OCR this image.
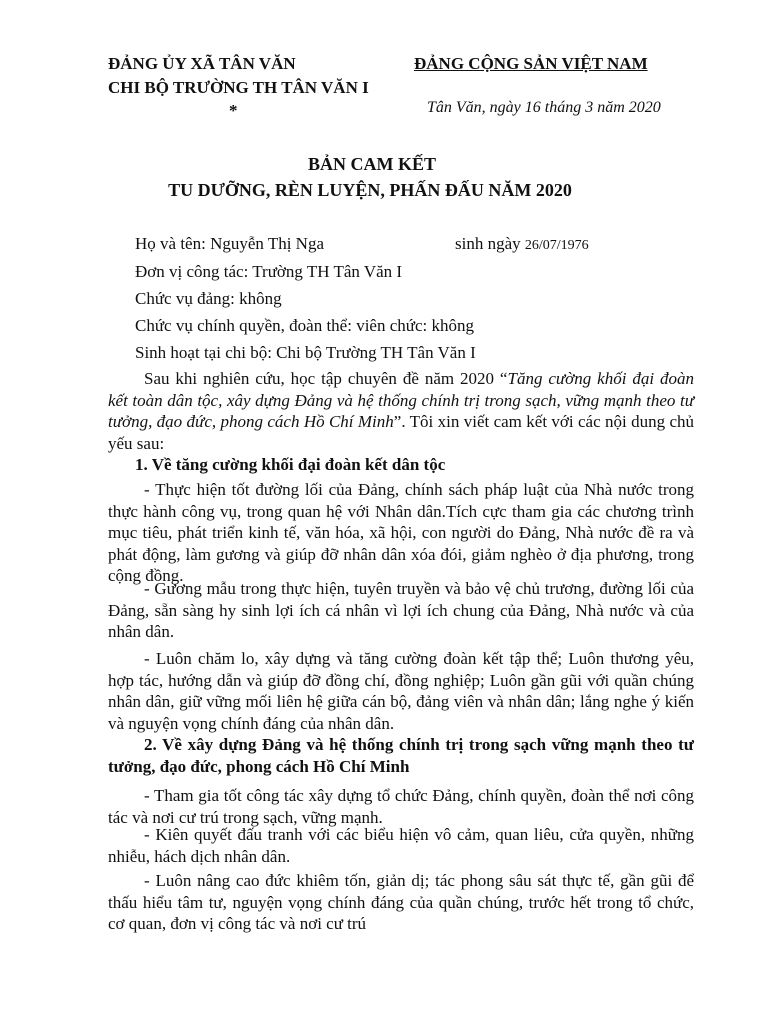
ĐẢNG ỦY XÃ TÂN VĂN
CHI BỘ TRƯỜNG TH TÂN VĂN I
*
ĐẢNG CỘNG SẢN VIỆT NAM
Tân Văn, ngày 16 tháng 3 năm 2020
BẢN CAM KẾT
TU DƯỠNG, RÈN LUYỆN, PHẤN ĐẤU NĂM 2020
Họ và tên: Nguyễn Thị Nga	sinh ngày 26/07/1976
Đơn vị công tác: Trường TH Tân Văn I
Chức vụ đảng: không
Chức vụ chính quyền, đoàn thể: viên chức: không
Sinh hoạt tại chi bộ: Chi bộ Trường TH Tân Văn I
Sau khi nghiên cứu, học tập chuyên đề năm 2020 “Tăng cường khối đại đoàn kết toàn dân tộc, xây dựng Đảng và hệ thống chính trị trong sạch, vững mạnh theo tư tưởng, đạo đức, phong cách Hồ Chí Minh”. Tôi xin viết cam kết với các nội dung chủ yếu sau:
1. Về tăng cường khối đại đoàn kết dân tộc
- Thực hiện tốt đường lối của Đảng, chính sách pháp luật của Nhà nước trong thực hành công vụ, trong quan hệ với Nhân dân.Tích cực tham gia các chương trình mục tiêu, phát triển kinh tế, văn hóa, xã hội, con người do Đảng, Nhà nước đề ra và phát động, làm gương và giúp đỡ nhân dân xóa đói, giảm nghèo ở địa phương, trong cộng đồng.
- Gương mẫu trong thực hiện, tuyên truyền và bảo vệ chủ trương, đường lối của Đảng, sẵn sàng hy sinh lợi ích cá nhân vì lợi ích chung của Đảng, Nhà nước và của nhân dân.
- Luôn chăm lo, xây dựng và tăng cường đoàn kết tập thể; Luôn thương yêu, hợp tác, hướng dẫn và giúp đỡ đồng chí, đồng nghiệp; Luôn gần gũi với quần chúng nhân dân, giữ vững mối liên hệ giữa cán bộ, đảng viên và nhân dân; lắng nghe ý kiến và nguyện vọng chính đáng của nhân dân.
2. Về xây dựng Đảng và hệ thống chính trị trong sạch vững mạnh theo tư tưởng, đạo đức, phong cách Hồ Chí Minh
- Tham gia tốt công tác xây dựng tổ chức Đảng, chính quyền, đoàn thể nơi công tác và nơi cư trú trong sạch, vững mạnh.
- Kiên quyết đấu tranh với các biểu hiện vô cảm, quan liêu, cửa quyền, những nhiễu, hách dịch nhân dân.
- Luôn nâng cao đức khiêm tốn, giản dị; tác phong sâu sát thực tế, gần gũi để thấu hiểu tâm tư, nguyện vọng chính đáng của quần chúng, trước hết trong tổ chức, cơ quan, đơn vị công tác và nơi cư trú
